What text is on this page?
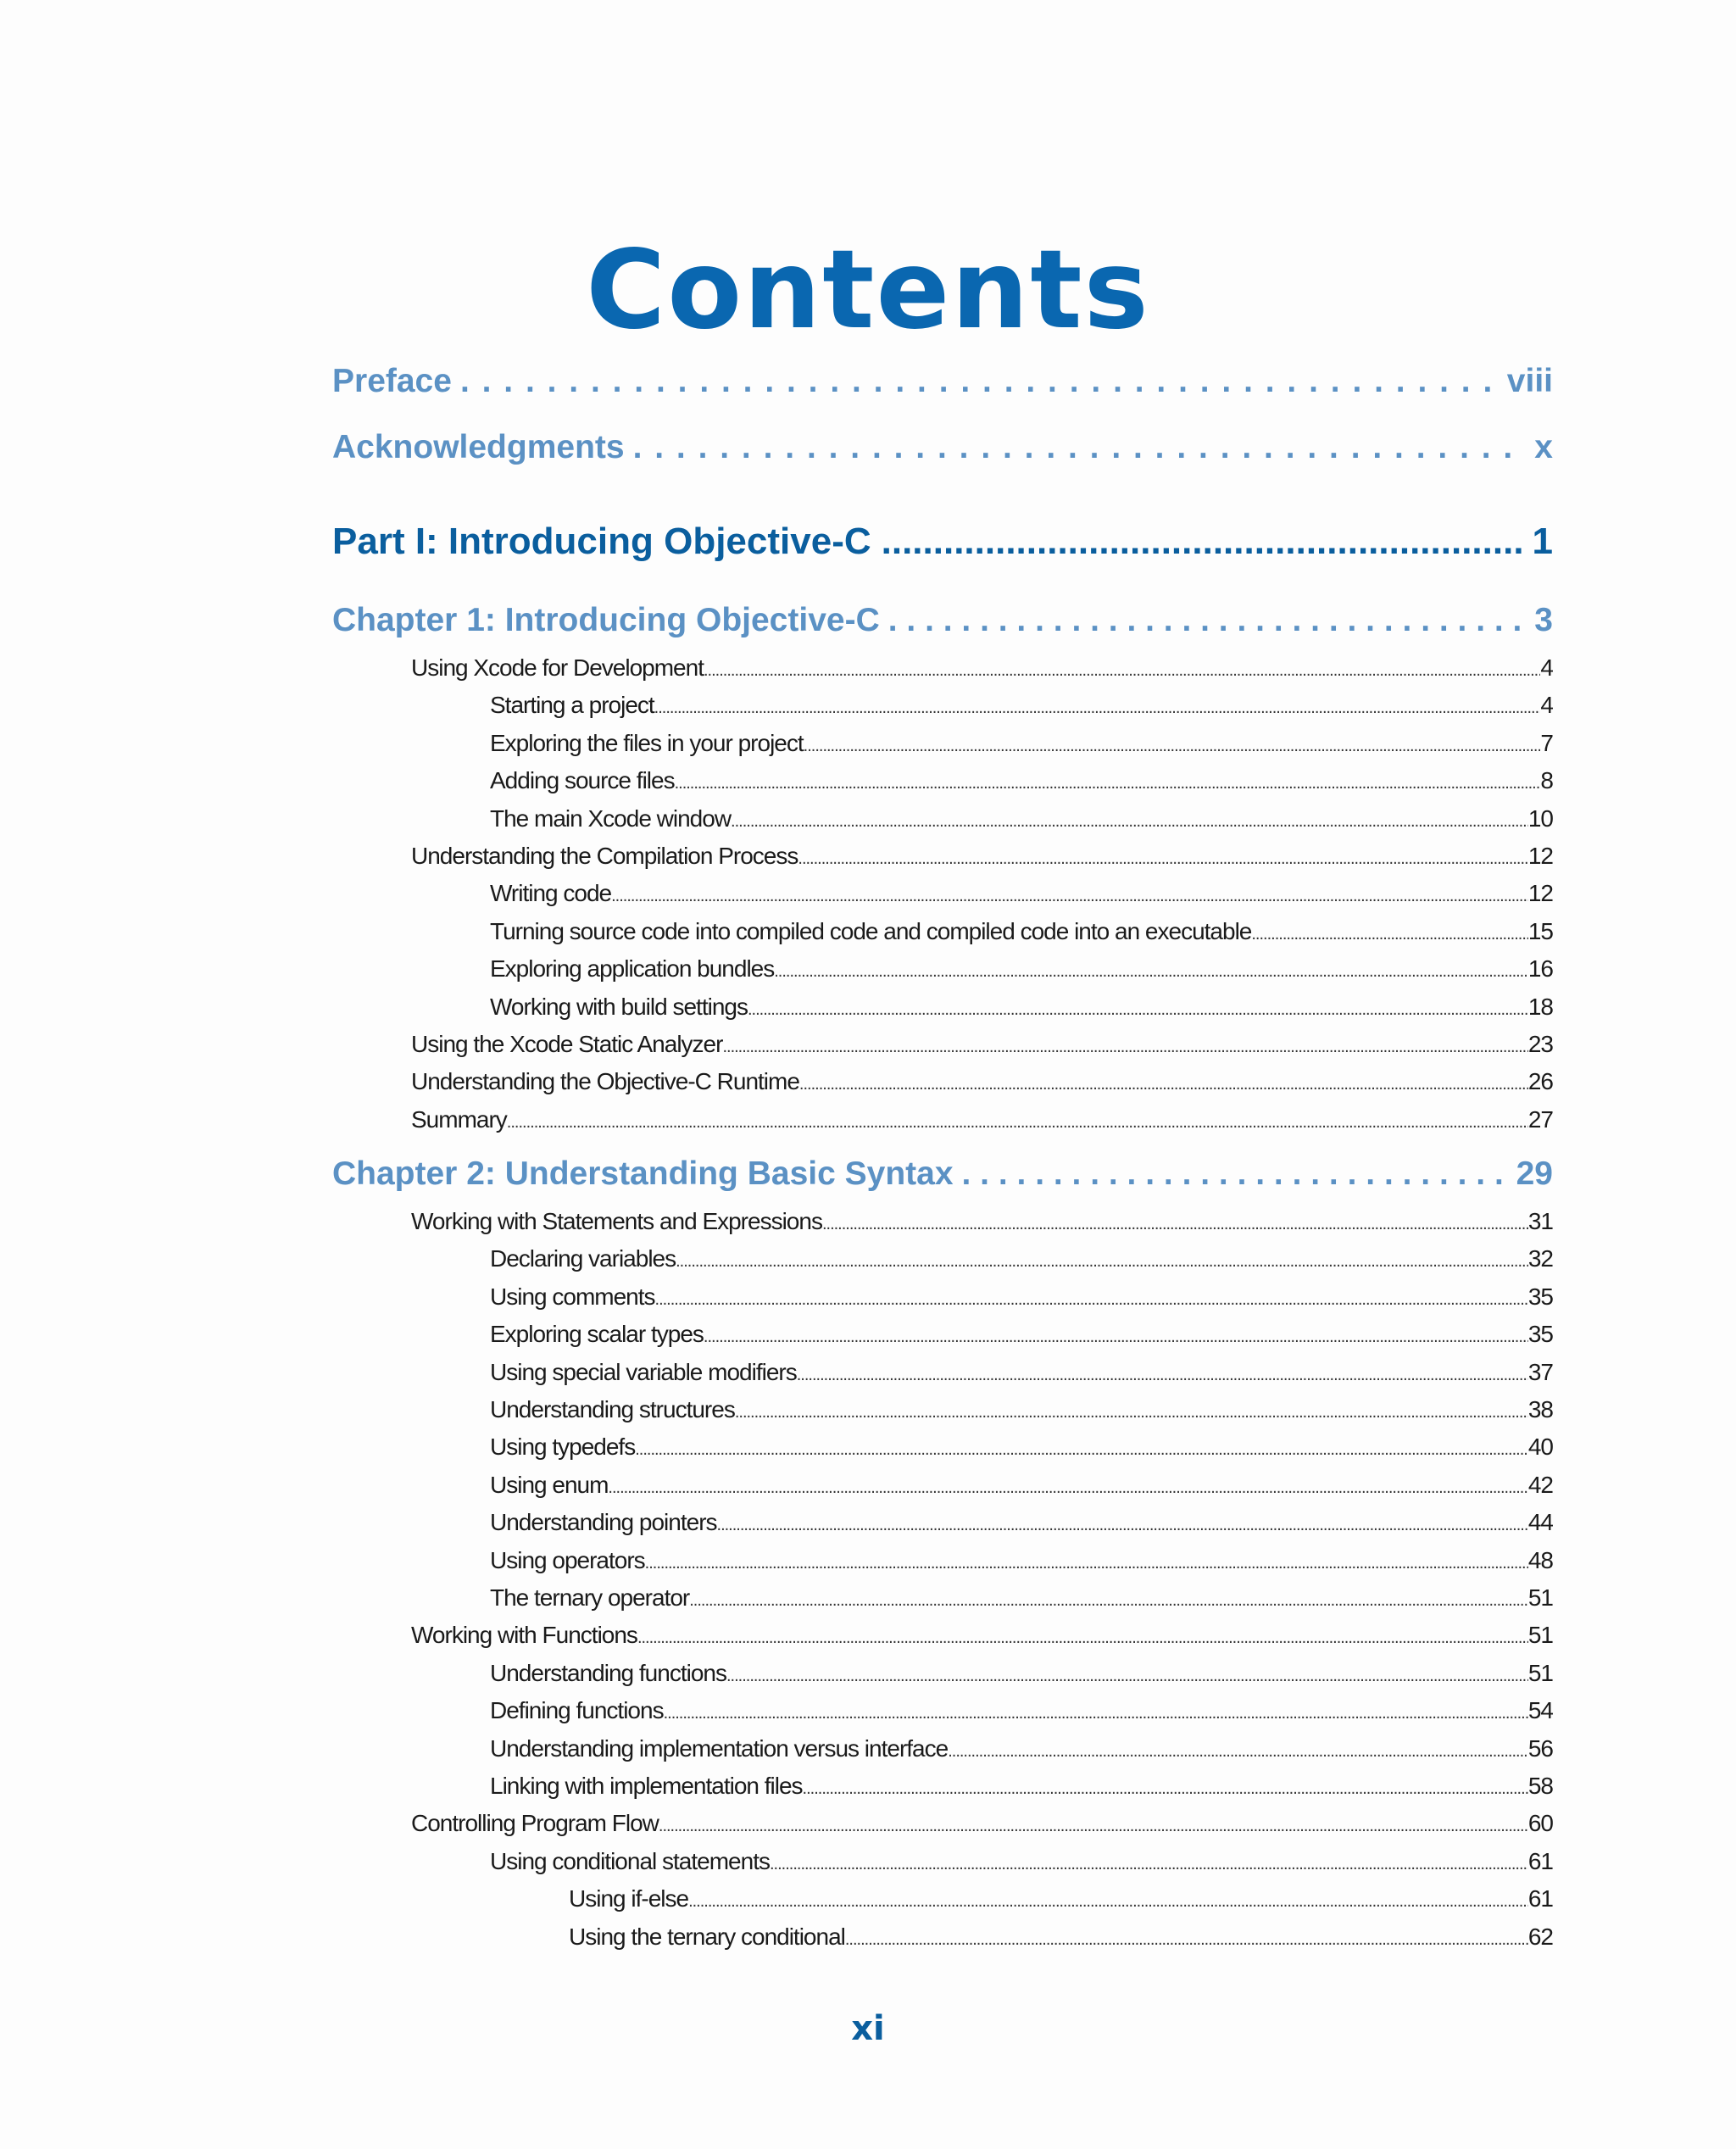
Contents
Preface . . .	viii
Acknowledgments . . .	x
Part I: Introducing Objective-C .....	1
Chapter 1: Introducing Objective-C . . .	3
Using Xcode for Development .....	4
Starting a project .....	4
Exploring the files in your project .....	7
Adding source files .....	8
The main Xcode window .....	10
Understanding the Compilation Process .....	12
Writing code .....	12
Turning source code into compiled code and compiled code into an executable .....	15
Exploring application bundles .....	16
Working with build settings .....	18
Using the Xcode Static Analyzer .....	23
Understanding the Objective-C Runtime .....	26
Summary .....	27
Chapter 2: Understanding Basic Syntax . . .	29
Working with Statements and Expressions .....	31
Declaring variables .....	32
Using comments .....	35
Exploring scalar types .....	35
Using special variable modifiers .....	37
Understanding structures .....	38
Using typedefs .....	40
Using enum .....	42
Understanding pointers .....	44
Using operators .....	48
The ternary operator .....	51
Working with Functions .....	51
Understanding functions .....	51
Defining functions .....	54
Understanding implementation versus interface .....	56
Linking with implementation files .....	58
Controlling Program Flow .....	60
Using conditional statements .....	61
Using if-else .....	61
Using the ternary conditional .....	62
xi
